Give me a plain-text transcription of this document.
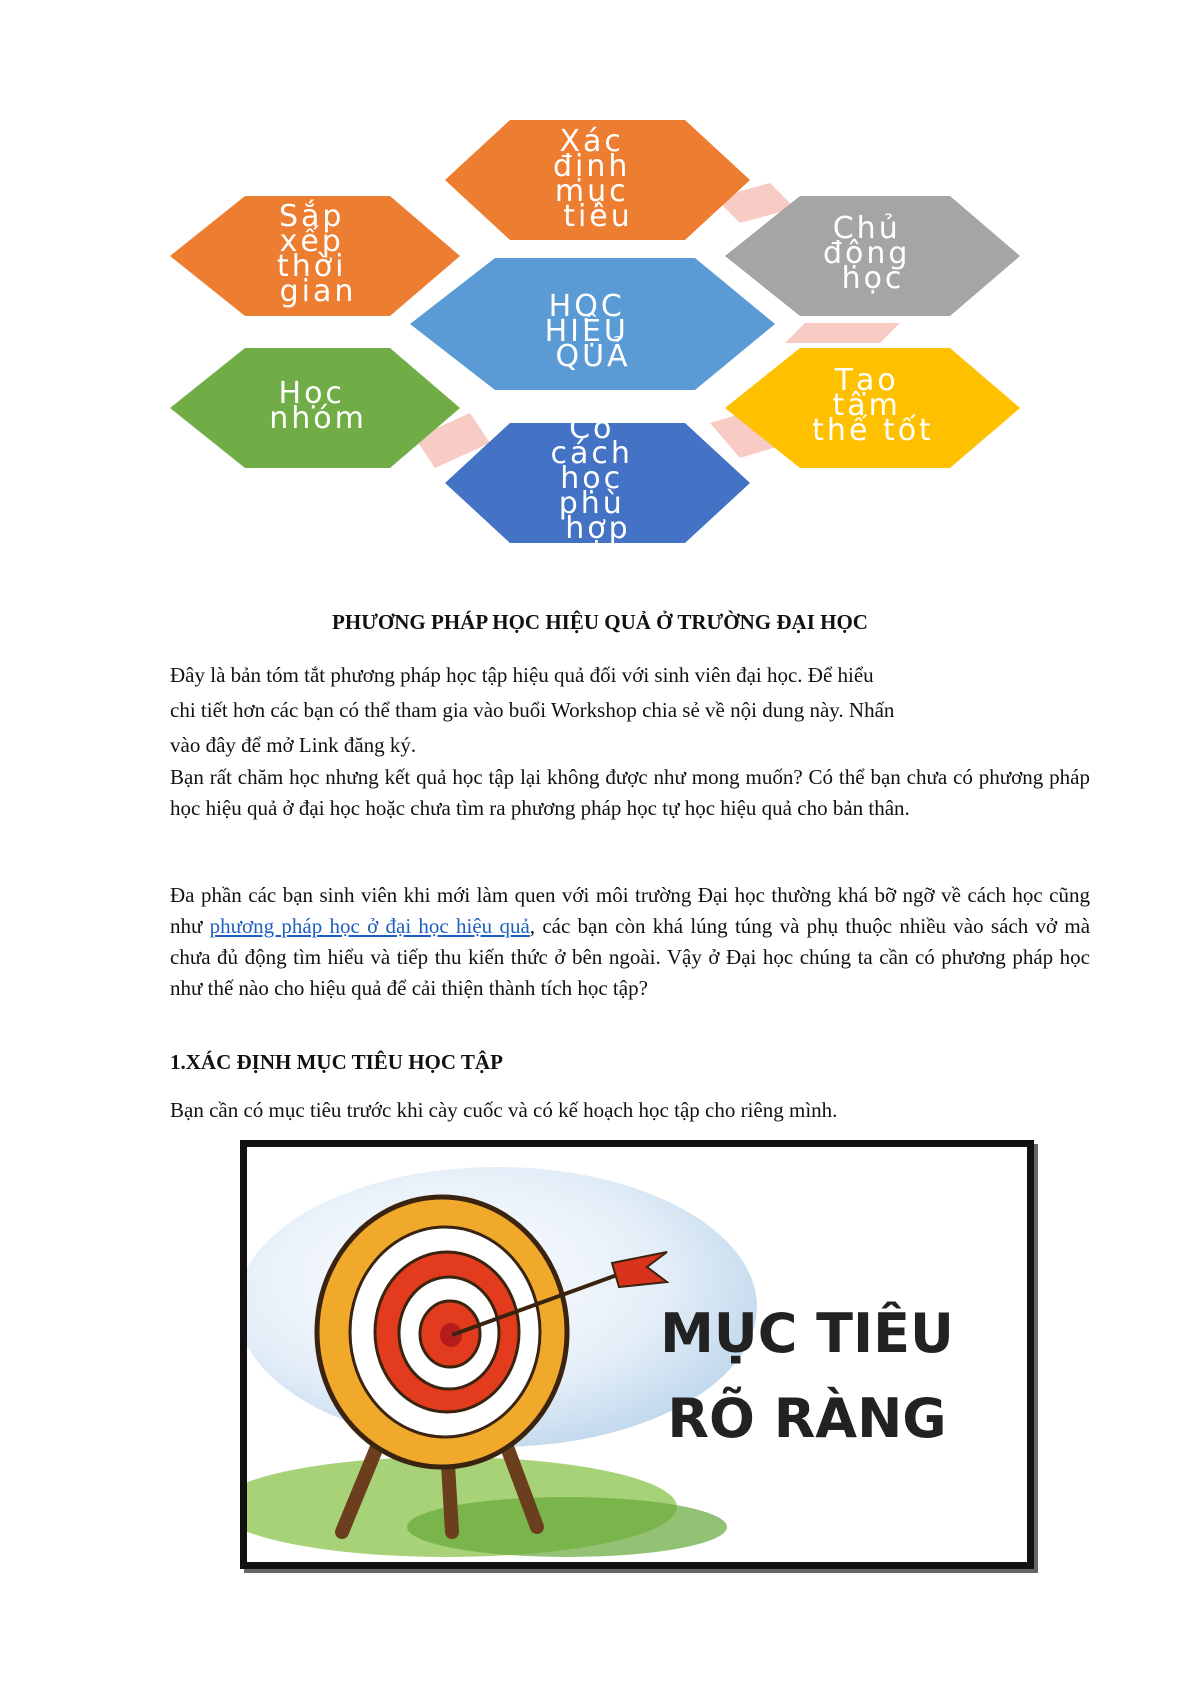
Xác định mục tiêu
Sắp xếp thời gian
Chủ động học
HỌC HIỆU QUẢ
Học nhóm
Tạo tâm thế tốt
Có cách học phù hợp
PHƯƠNG PHÁP HỌC HIỆU QUẢ Ở TRƯỜNG ĐẠI HỌC
Đây là bản tóm tắt phương pháp học tập hiệu quả đối với sinh viên đại học. Để hiểu
chi tiết hơn các bạn có thể tham gia vào buổi Workshop chia sẻ về nội dung này. Nhấn
vào đây để mở Link đăng ký.

Bạn rất chăm học nhưng kết quả học tập lại không được như mong muốn? Có thể bạn chưa có phương pháp học hiệu quả ở đại học hoặc chưa tìm ra phương pháp học tự học hiệu quả cho bản thân.

Đa phần các bạn sinh viên khi mới làm quen với môi trường Đại học thường khá bỡ ngỡ về cách học cũng như phương pháp học ở đại học hiệu quả, các bạn còn khá lúng túng và phụ thuộc nhiều vào sách vở mà chưa đủ động tìm hiểu và tiếp thu kiến thức ở bên ngoài. Vậy ở Đại học chúng ta cần có phương pháp học như thế nào cho hiệu quả để cải thiện thành tích học tập?

1.XÁC ĐỊNH MỤC TIÊU HỌC TẬP

Bạn cần có mục tiêu trước khi cày cuốc và có kế hoạch học tập cho riêng mình.

MỤC TIÊU
RÕ RÀNG
